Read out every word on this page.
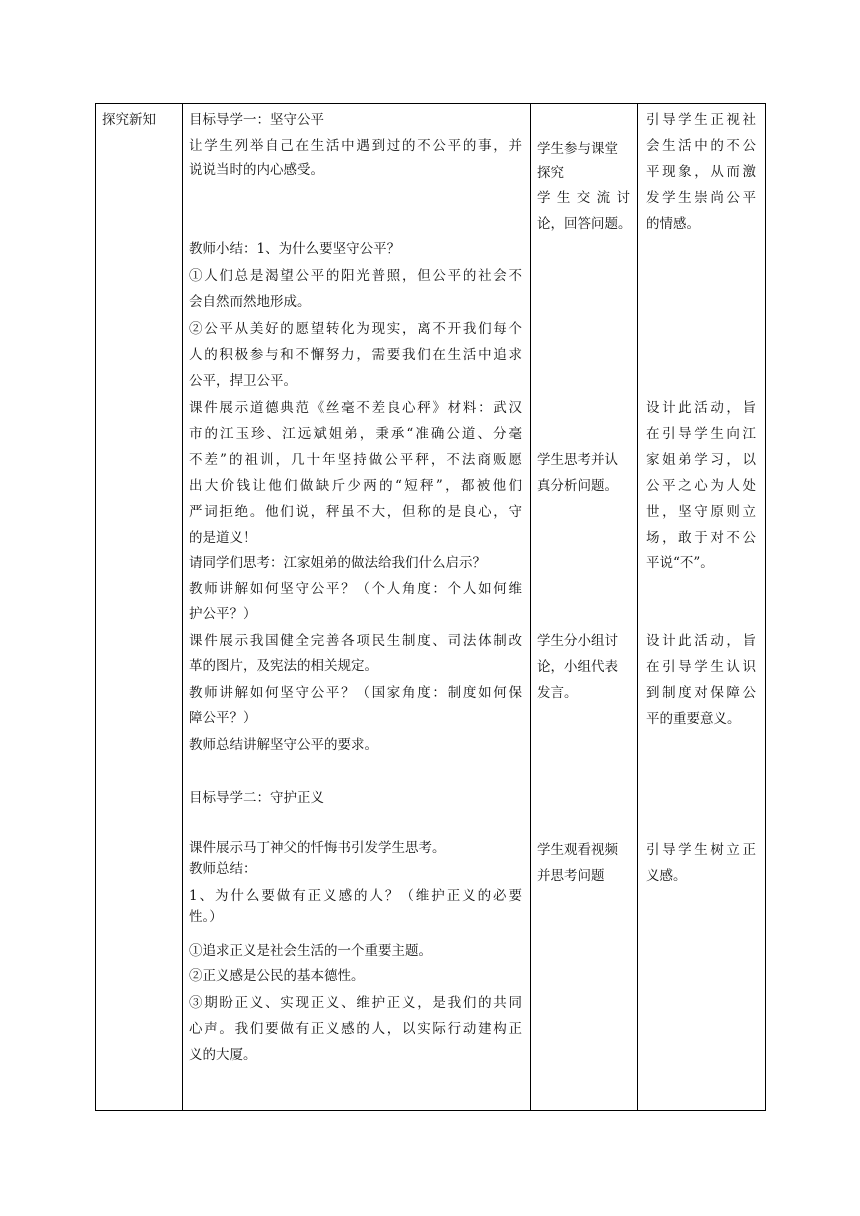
探究新知 目标导学一：坚守公平
让学生列举自己在生活中遇到过的不公平的事，并
说说当时的内心感受。
教师小结：1、为什么要坚守公平？
①人们总是渴望公平的阳光普照，但公平的社会不
会自然而然地形成。
②公平从美好的愿望转化为现实，离不开我们每个
人的积极参与和不懈努力，需要我们在生活中追求
公平，捍卫公平。
课件展示道德典范《丝毫不差良心秤》材料：武汉
市的江玉珍、江远斌姐弟，秉承“准确公道、分毫
不差”的祖训，几十年坚持做公平秤，不法商贩愿
出大价钱让他们做缺斤少两的“短秤”，都被他们
严词拒绝。他们说，秤虽不大，但称的是良心，守
的是道义！
请同学们思考：江家姐弟的做法给我们什么启示？
教师讲解如何坚守公平？（个人角度：个人如何维
护公平？）
课件展示我国健全完善各项民生制度、司法体制改
革的图片，及宪法的相关规定。
教师讲解如何坚守公平？（国家角度：制度如何保
障公平？）
教师总结讲解坚守公平的要求。
目标导学二：守护正义
课件展示马丁神父的忏悔书引发学生思考。
教师总结：
1、为什么要做有正义感的人？（维护正义的必要
性。）
①追求正义是社会生活的一个重要主题。
②正义感是公民的基本德性。
③期盼正义、实现正义、维护正义，是我们的共同
心声。我们要做有正义感的人，以实际行动建构正
义的大厦。
学生参与课堂
探究
学 生 交 流 讨
论，回答问题。
学生思考并认
真分析问题。
学生分小组讨
论，小组代表
发言。
学生观看视频
并思考问题
引导学生正视社
会生活中的不公
平现象，从而激
发学生崇尚公平
的情感。
设计此活动，旨
在引导学生向江
家姐弟学习，以
公平之心为人处
世，坚守原则立
场，敢于对不公
平说“不”。
设计此活动，旨
在引导学生认识
到制度对保障公
平的重要意义。
引导学生树立正
义感。
